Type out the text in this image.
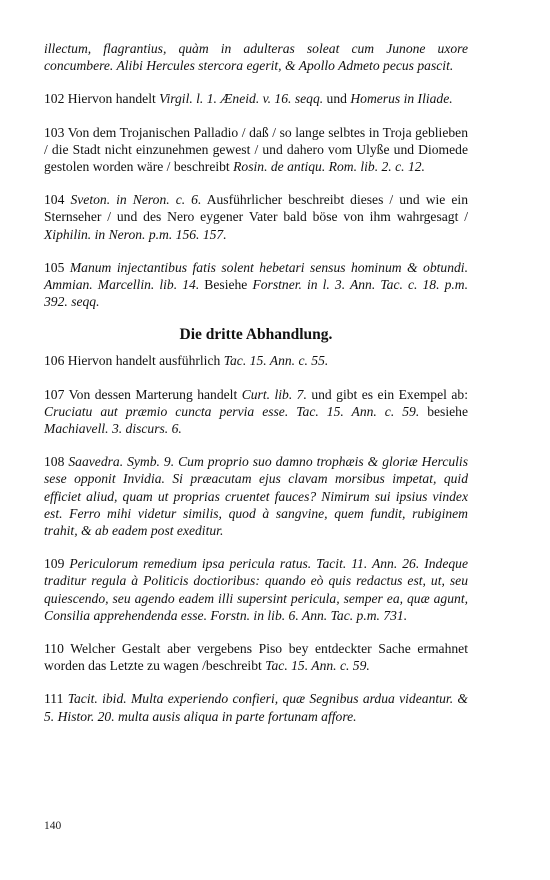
illectum, flagrantius, quàm in adulteras soleat cum Junone uxore concumbere. Alibi Hercules stercora egerit, & Apollo Admeto pecus pascit.

102 Hiervon handelt Virgil. l. 1. Æneid. v. 16. seqq. und Homerus in Iliade.

103 Von dem Trojanischen Palladio / daß / so lange selbtes in Troja geblieben / die Stadt nicht einzunehmen gewest / und dahero vom Ulyße und Diomede gestolen worden wäre / beschreibt Rosin. de antiqu. Rom. lib. 2. c. 12.

104 Sveton. in Neron. c. 6. Ausführlicher beschreibt dieses / und wie ein Sternseher / und des Nero eygener Vater bald böse von ihm wahrgesagt / Xiphilin. in Neron. p.m. 156. 157.

105 Manum injectantibus fatis solent hebetari sensus hominum & obtundi. Ammian. Marcellin. lib. 14. Besiehe Forstner. in l. 3. Ann. Tac. c. 18. p.m. 392. seqq.

Die dritte Abhandlung.

106 Hiervon handelt ausführlich Tac. 15. Ann. c. 55.

107 Von dessen Marterung handelt Curt. lib. 7. und gibt es ein Exempel ab: Cruciatu aut præmio cuncta pervia esse. Tac. 15. Ann. c. 59. besiehe Machiavell. 3. discurs. 6.

108 Saavedra. Symb. 9. Cum proprio suo damno trophæis & gloriæ Herculis sese opponit Invidia. Si præacutam ejus clavam morsibus impetat, quid efficiet aliud, quam ut proprias cruentet fauces? Nimirum sui ipsius vindex est. Ferro mihi videtur similis, quod à sangvine, quem fundit, rubiginem trahit, & ab eadem post exeditur.

109 Periculorum remedium ipsa pericula ratus. Tacit. 11. Ann. 26. Indeque traditur regula à Politicis doctioribus: quando eò quis redactus est, ut, seu quiescendo, seu agendo eadem illi supersint pericula, semper ea, quæ agunt, Consilia apprehendenda esse. Forstn. in lib. 6. Ann. Tac. p.m. 731.

110 Welcher Gestalt aber vergebens Piso bey entdeckter Sache ermahnet worden das Letzte zu wagen /beschreibt Tac. 15. Ann. c. 59.

111 Tacit. ibid. Multa experiendo confieri, quæ Segnibus ardua videantur. & 5. Histor. 20. multa ausis aliqua in parte fortunam affore.

140
